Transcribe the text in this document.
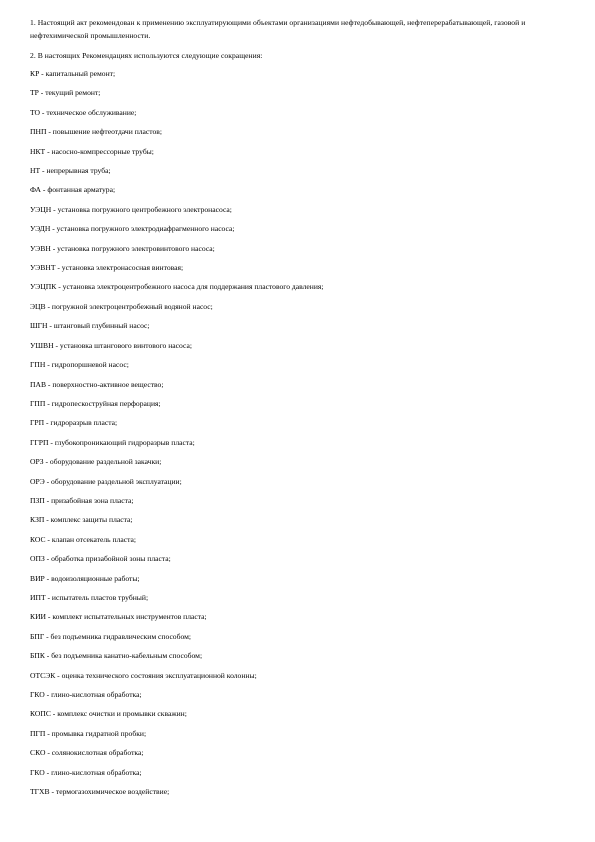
1. Настоящий акт рекомендован к применению эксплуатирующими объектами организациями нефтедобывающей, нефтеперерабатывающей, газовой и нефтехимической промышленности.

2. В настоящих Рекомендациях используются следующие сокращения:

КР - капитальный ремонт;
ТР - текущий ремонт;
ТО - техническое обслуживание;
ПНП - повышение нефтеотдачи пластов;
НКТ - насосно-компрессорные трубы;
НТ - непрерывная труба;
ФА - фонтанная арматура;
УЭЦН - установка погружного центробежного электронасоса;
УЭДН - установка погружного электродиафрагменного насоса;
УЭВН - установка погружного электровинтового насоса;
УЭВНТ - установка электронасосная винтовая;
УЭЦПК - установка электроцентробежного насоса для поддержания пластового давления;
ЭЦВ - погружной электроцентробежный водяной насос;
ШГН - штанговый глубинный насос;
УШВН - установка штангового винтового насоса;
ГПН - гидропоршневой насос;
ПАВ - поверхностно-активное вещество;
ГПП - гидропескоструйная перфорация;
ГРП - гидроразрыв пласта;
ГГРП - глубокопроникающий гидроразрыв пласта;
ОРЗ - оборудование раздельной закачки;
ОРЭ - оборудование раздельной эксплуатации;
ПЗП - призабойная зона пласта;
КЗП - комплекс защиты пласта;
КОС - клапан отсекатель пласта;
ОПЗ - обработка призабойной зоны пласта;
ВИР - водоизоляционные работы;
ИПТ - испытатель пластов трубный;
КИИ - комплект испытательных инструментов пласта;
БПГ - без подъемника гидравлическим способом;
БПК - без подъемника канатно-кабельным способом;
ОТСЭК - оценка технического состояния эксплуатационной колонны;
ГКО - глино-кислотная обработка;
КОПС - комплекс очистки и промывки скважин;
ПГП - промывка гидратной пробки;
СКО - солянокислотная обработка;
ГКО - глино-кислотная обработка;
ТГХВ - термогазохимическое воздействие;
